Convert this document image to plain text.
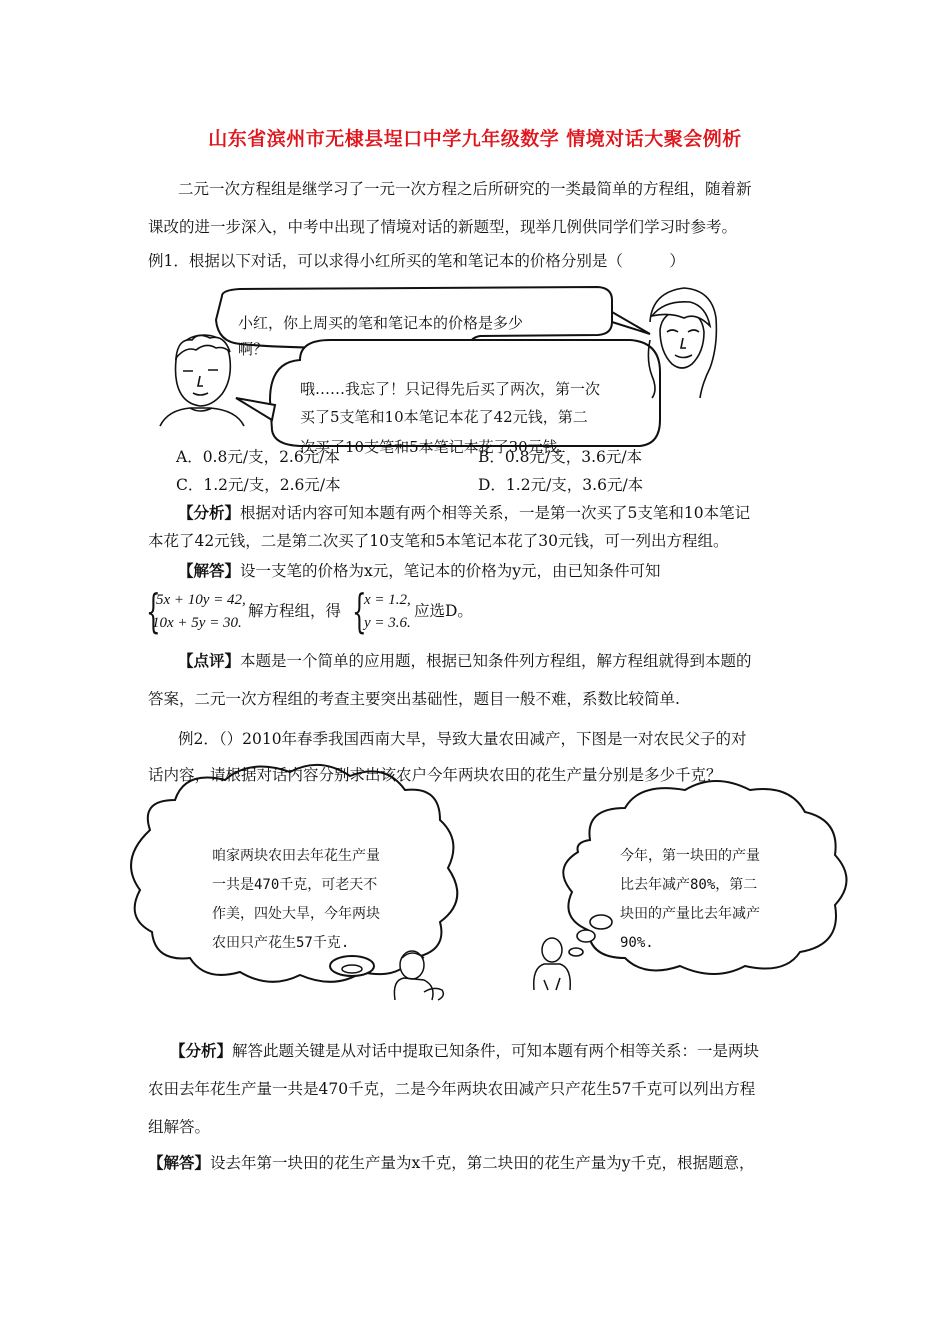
山东省滨州市无棣县埕口中学九年级数学 情境对话大聚会例析
二元一次方程组是继学习了一元一次方程之后所研究的一类最简单的方程组，随着新
课改的进一步深入，中考中出现了情境对话的新题型，现举几例供同学们学习时参考。
例1．根据以下对话，可以求得小红所买的笔和笔记本的价格分别是（　　　）
小红，你上周买的笔和笔记本的价格是多少
啊？
哦……我忘了！只记得先后买了两次，第一次
买了5支笔和10本笔记本花了42元钱，第二
次买了10支笔和5本笔记本花了30元钱.
A．0.8元/支，2.6元/本	B．0.8元/支，3.6元/本
C．1.2元/支，2.6元/本	D．1.2元/支，3.6元/本
【分析】根据对话内容可知本题有两个相等关系，一是第一次买了5支笔和10本笔记
本花了42元钱，二是第二次买了10支笔和5本笔记本花了30元钱，可一列出方程组。
【解答】设一支笔的价格为x元，笔记本的价格为y元，由已知条件可知
{
5x + 10y = 42,
10x + 5y = 30.
解方程组，得 {
x = 1.2,
y = 3.6.
应选D。
【点评】本题是一个简单的应用题，根据已知条件列方程组，解方程组就得到本题的
答案，二元一次方程组的考查主要突出基础性，题目一般不难，系数比较简单.
例2．（）2010年春季我国西南大旱，导致大量农田减产，下图是一对农民父子的对
话内容，请根据对话内容分别求出该农户今年两块农田的花生产量分别是多少千克？
咱家两块农田去年花生产量
一共是470千克，可老天不
作美，四处大旱，今年两块
农田只产花生57千克.
今年，第一块田的产量
比去年减产80%，第二
块田的产量比去年减产
90%.
【分析】解答此题关键是从对话中提取已知条件，可知本题有两个相等关系：一是两块
农田去年花生产量一共是470千克，二是今年两块农田减产只产花生57千克可以列出方程
组解答。
【解答】设去年第一块田的花生产量为x千克，第二块田的花生产量为y千克，根据题意，
